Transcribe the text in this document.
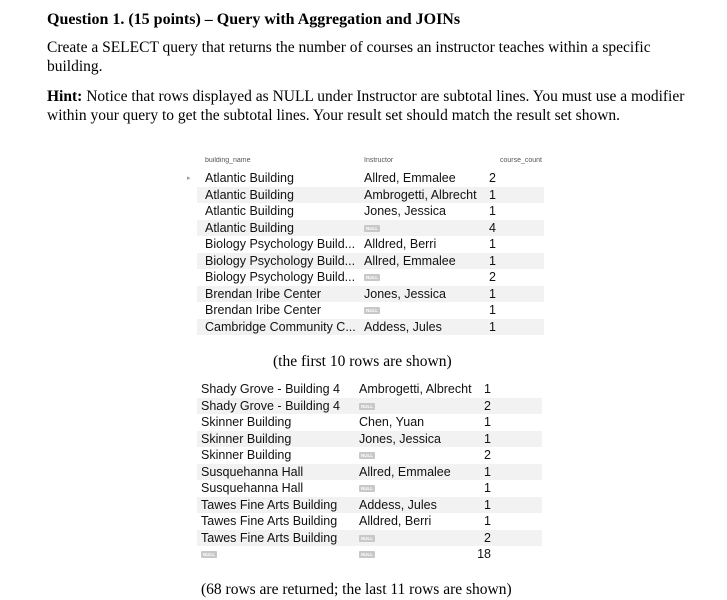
Question 1. (15 points) – Query with Aggregation and JOINs

Create a SELECT query that returns the number of courses an instructor teaches within a specific building.

Hint: Notice that rows displayed as NULL under Instructor are subtotal lines. You must use a modifier within your query to get the subtotal lines. Your result set should match the result set shown.

building_name	Instructor	course_count
▸ Atlantic Building	Allred, Emmalee	2
Atlantic Building	Ambrogetti, Albrecht 1
Atlantic Building	Jones, Jessica	1
Atlantic Building	NULL	4
Biology Psychology Build... Alldred, Berri	1
Biology Psychology Build... Allred, Emmalee	1
Biology Psychology Build...	NULL	2
Brendan Iribe Center	Jones, Jessica	1
Brendan Iribe Center	NULL	1
Cambridge Community C... Addess, Jules	1
(the first 10 rows are shown)
Shady Grove - Building 4	Ambrogetti, Albrecht 1
Shady Grove - Building 4	NULL	2
Skinner Building	Chen, Yuan	1
Skinner Building	Jones, Jessica	1
Skinner Building	NULL	2
Susquehanna Hall	Allred, Emmalee	1
Susquehanna Hall	NULL	1
Tawes Fine Arts Building	Addess, Jules	1
Tawes Fine Arts Building	Alldred, Berri	1
Tawes Fine Arts Building	NULL	2
NULL	NULL	18
(68 rows are returned; the last 11 rows are shown)
